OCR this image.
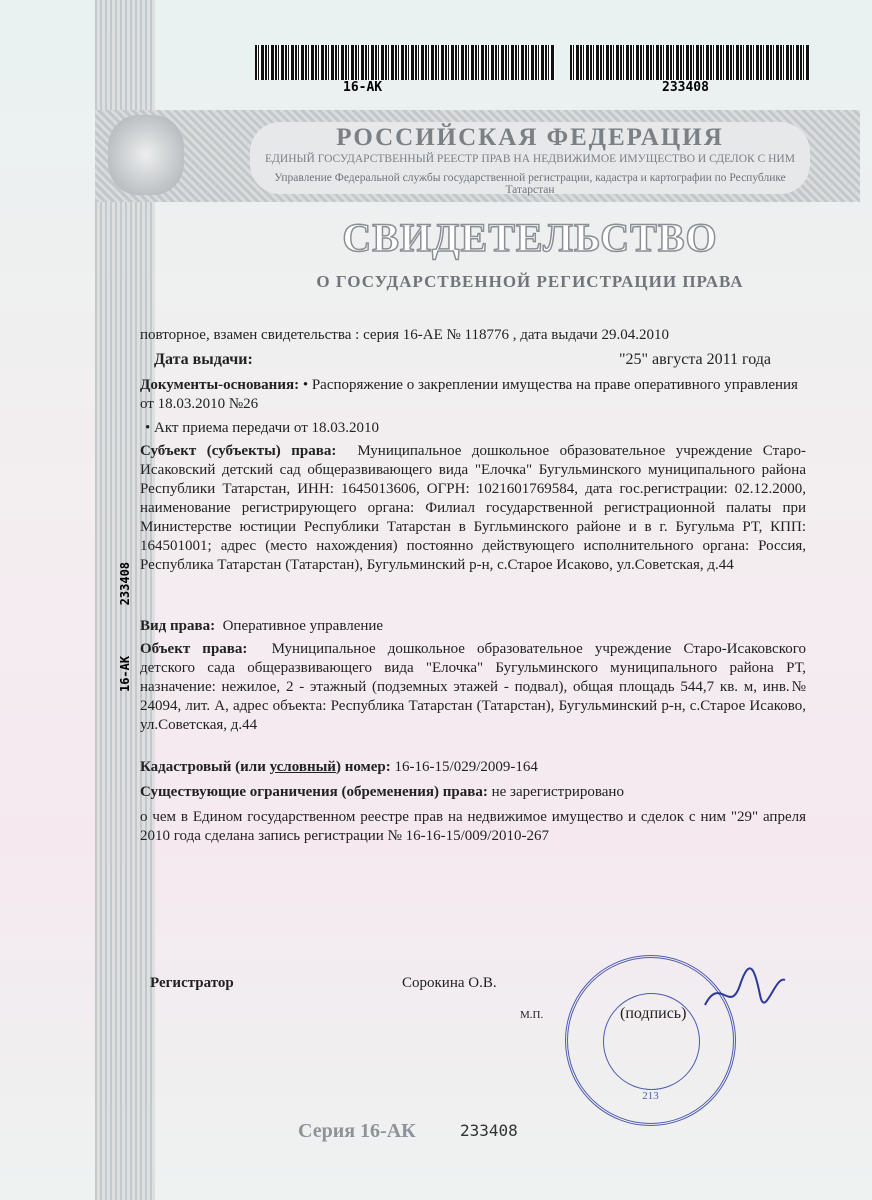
16-АК	233408
РОССИЙСКАЯ ФЕДЕРАЦИЯ
ЕДИНЫЙ ГОСУДАРСТВЕННЫЙ РЕЕСТР ПРАВ НА НЕДВИЖИМОЕ ИМУЩЕСТВО И СДЕЛОК С НИМ
Управление Федеральной службы государственной регистрации, кадастра и картографии по Республике Татарстан
СВИДЕТЕЛЬСТВО
О ГОСУДАРСТВЕННОЙ РЕГИСТРАЦИИ ПРАВА
16-АК       233408
повторное, взамен свидетельства : серия 16-АЕ № 118776 , дата выдачи 29.04.2010
Дата выдачи:	"25" августа 2011 года
Документы-основания: • Распоряжение о закреплении имущества на праве оперативного управления от 18.03.2010 №26
• Акт приема передачи от 18.03.2010
Субъект (субъекты) права: Муниципальное дошкольное образовательное учреждение Старо-Исаковский детский сад общеразвивающего вида "Елочка" Бугульминского муниципального района Республики Татарстан, ИНН: 1645013606, ОГРН: 1021601769584, дата гос.регистрации: 02.12.2000, наименование регистрирующего органа: Филиал государственной регистрационной палаты при Министерстве юстиции Республики Татарстан в Бугльминского районе и в г. Бугульма РТ, КПП: 164501001; адрес (место нахождения) постоянно действующего исполнительного органа: Россия, Республика Татарстан (Татарстан), Бугульминский р-н, с.Старое Исаково, ул.Советская, д.44
Вид права: Оперативное управление
Объект права: Муниципальное дошкольное образовательное учреждение Старо-Исаковского детского сада общеразвивающего вида "Елочка" Бугульминского муниципального района РТ, назначение: нежилое, 2 - этажный (подземных этажей - подвал), общая площадь 544,7 кв. м, инв.№ 24094, лит. А, адрес объекта: Республика Татарстан (Татарстан), Бугульминский р-н, с.Старое Исаково, ул.Советская, д.44
Кадастровый (или условный) номер: 16-16-15/029/2009-164
Существующие ограничения (обременения) права: не зарегистрировано
о чем в Едином государственном реестре прав на недвижимое имущество и сделок с ним "29" апреля 2010 года сделана запись регистрации № 16-16-15/009/2010-267
213
Регистратор	Сорокина О.В.
М.П.	(подпись)
Серия 16-АК	233408
